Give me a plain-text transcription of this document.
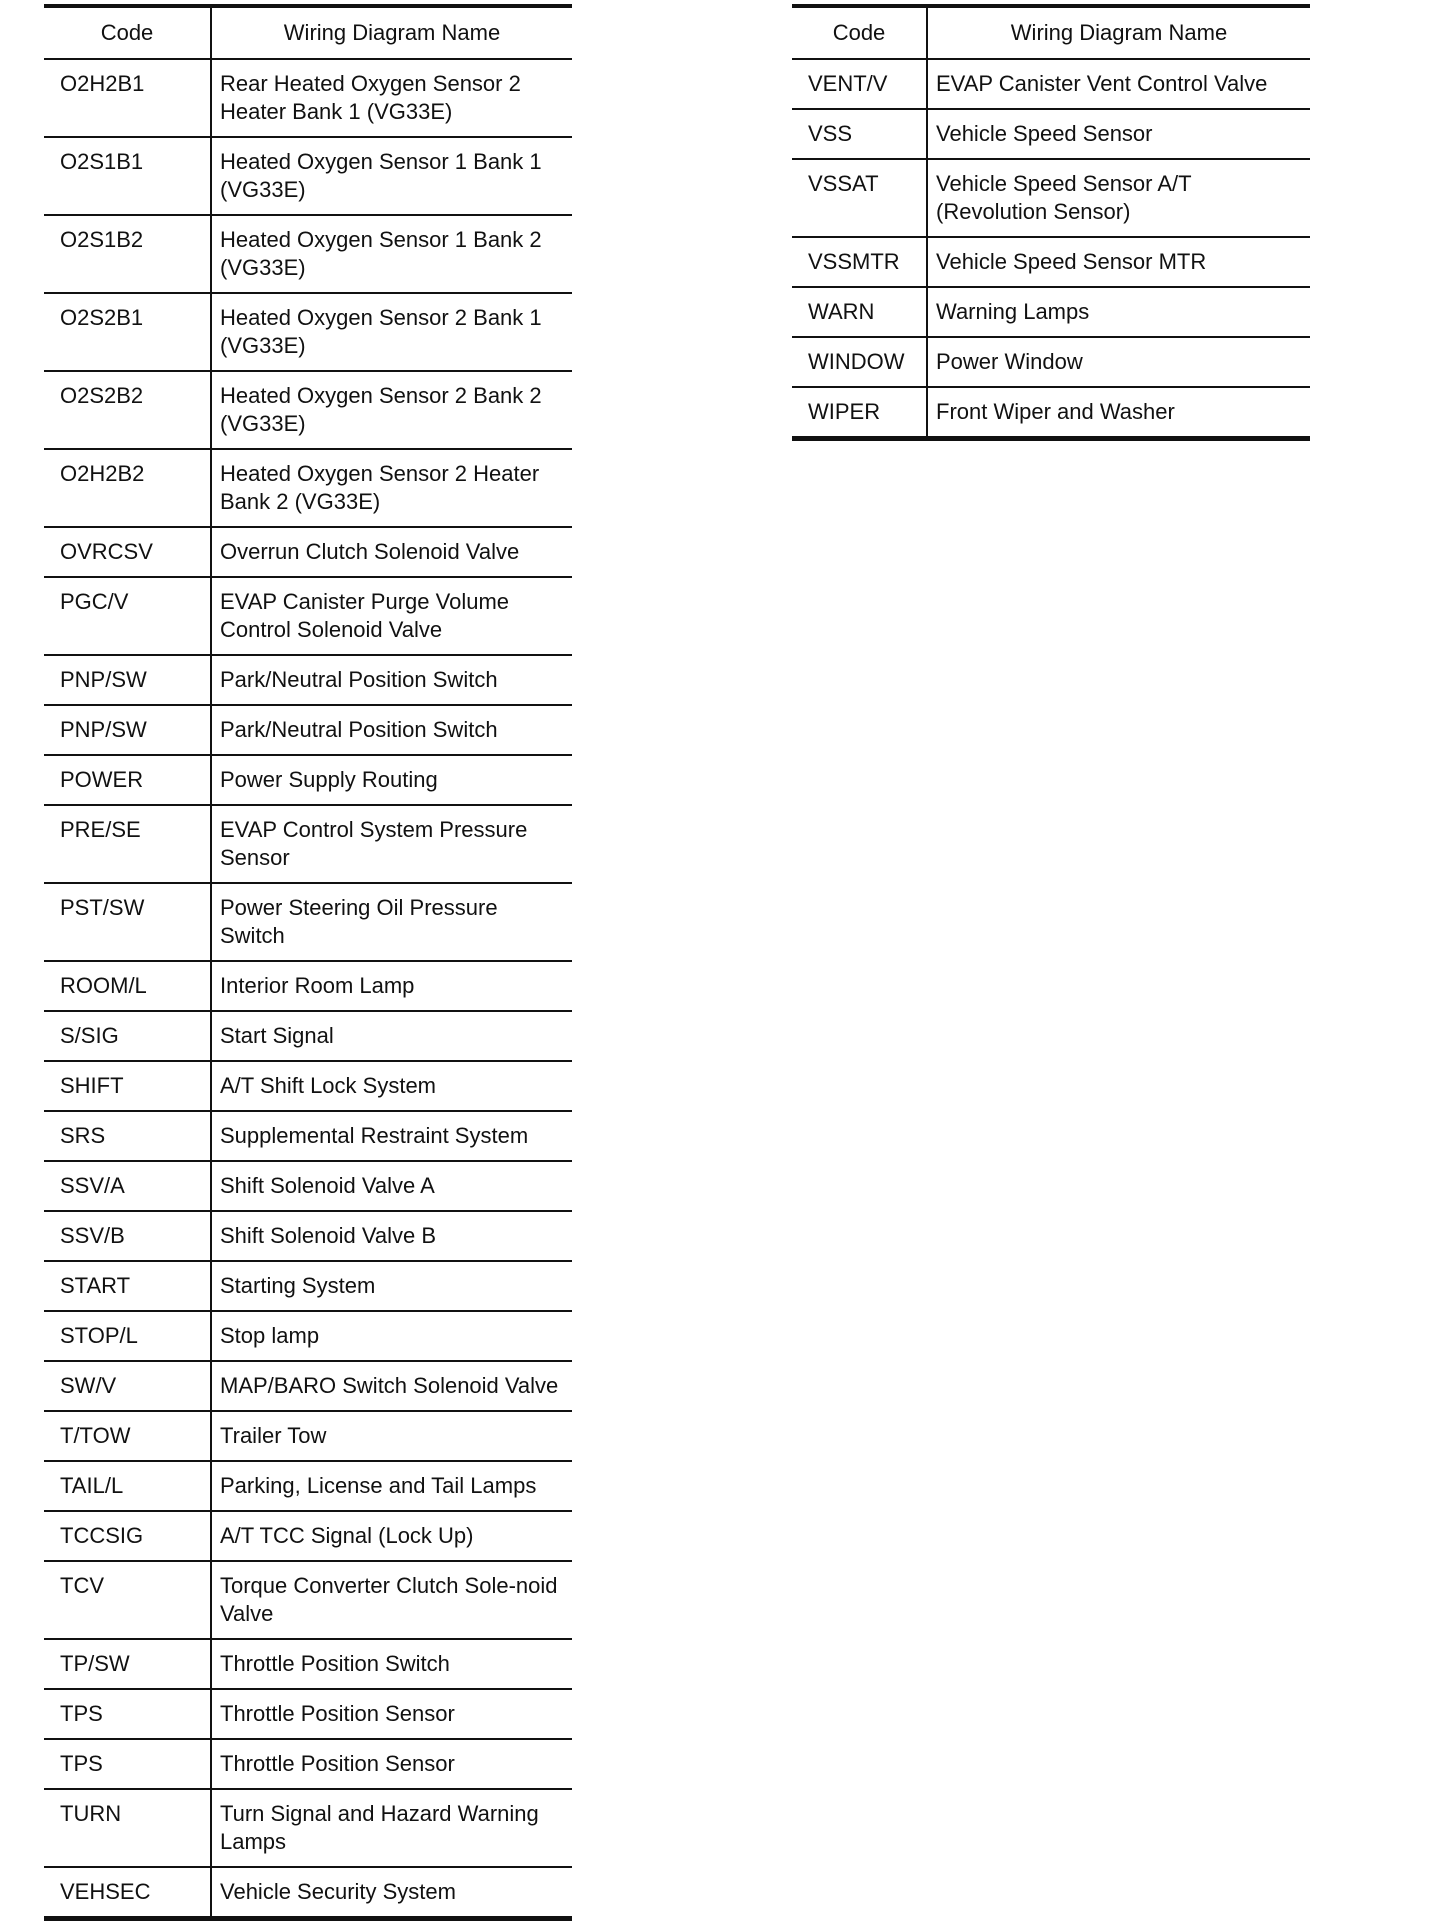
Code	Wiring Diagram Name
O2H2B1	Rear Heated Oxygen Sensor 2 Heater Bank 1 (VG33E)
O2S1B1	Heated Oxygen Sensor 1 Bank 1 (VG33E)
O2S1B2	Heated Oxygen Sensor 1 Bank 2 (VG33E)
O2S2B1	Heated Oxygen Sensor 2 Bank 1 (VG33E)
O2S2B2	Heated Oxygen Sensor 2 Bank 2 (VG33E)
O2H2B2	Heated Oxygen Sensor 2 Heater Bank 2 (VG33E)
OVRCSV	Overrun Clutch Solenoid Valve
PGC/V	EVAP Canister Purge Volume Control Solenoid Valve
PNP/SW	Park/Neutral Position Switch
PNP/SW	Park/Neutral Position Switch
POWER	Power Supply Routing
PRE/SE	EVAP Control System Pressure Sensor
PST/SW	Power Steering Oil Pressure Switch
ROOM/L	Interior Room Lamp
S/SIG	Start Signal
SHIFT	A/T Shift Lock System
SRS	Supplemental Restraint System
SSV/A	Shift Solenoid Valve A
SSV/B	Shift Solenoid Valve B
START	Starting System
STOP/L	Stop lamp
SW/V	MAP/BARO Switch Solenoid Valve
T/TOW	Trailer Tow
TAIL/L	Parking, License and Tail Lamps
TCCSIG	A/T TCC Signal (Lock Up)
TCV	Torque Converter Clutch Sole-noid Valve
TP/SW	Throttle Position Switch
TPS	Throttle Position Sensor
TPS	Throttle Position Sensor
TURN	Turn Signal and Hazard Warning Lamps
VEHSEC	Vehicle Security System
Code	Wiring Diagram Name
VENT/V	EVAP Canister Vent Control Valve
VSS	Vehicle Speed Sensor
VSSAT	Vehicle Speed Sensor A/T (Revolution Sensor)
VSSMTR	Vehicle Speed Sensor MTR
WARN	Warning Lamps
WINDOW	Power Window
WIPER	Front Wiper and Washer
